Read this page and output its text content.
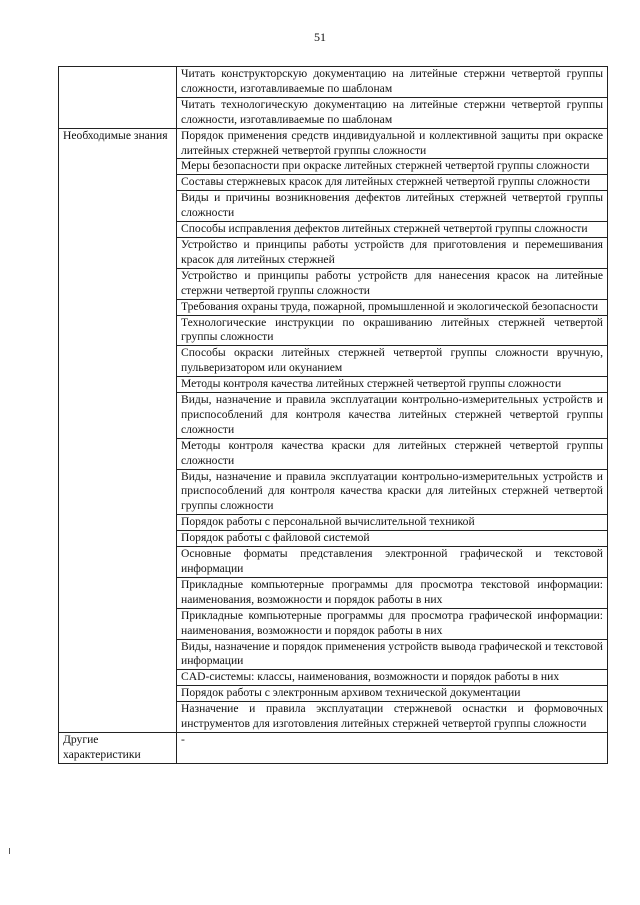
51
	Читать конструкторскую документацию на литейные стержни четвертой группы сложности, изготавливаемые по шаблонам
	Читать технологическую документацию на литейные стержни четвертой группы сложности, изготавливаемые по шаблонам
Необходимые знания	Порядок применения средств индивидуальной и коллективной защиты при окраске литейных стержней четвертой группы сложности
	Меры безопасности при окраске литейных стержней четвертой группы сложности
	Составы стержневых красок для литейных стержней четвертой группы сложности
	Виды и причины возникновения дефектов литейных стержней четвертой группы сложности
	Способы исправления дефектов литейных стержней четвертой группы сложности
	Устройство и принципы работы устройств для приготовления и перемешивания красок для литейных стержней
	Устройство и принципы работы устройств для нанесения красок на литейные стержни четвертой группы сложности
	Требования охраны труда, пожарной, промышленной и экологической безопасности
	Технологические инструкции по окрашиванию литейных стержней четвертой группы сложности
	Способы окраски литейных стержней четвертой группы сложности вручную, пульверизатором или окунанием
	Методы контроля качества литейных стержней четвертой группы сложности
	Виды, назначение и правила эксплуатации контрольно-измерительных устройств и приспособлений для контроля качества литейных стержней четвертой группы сложности
	Методы контроля качества краски для литейных стержней четвертой группы сложности
	Виды, назначение и правила эксплуатации контрольно-измерительных устройств и приспособлений для контроля качества краски для литейных стержней четвертой группы сложности
	Порядок работы с персональной вычислительной техникой
	Порядок работы с файловой системой
	Основные форматы представления электронной графической и текстовой информации
	Прикладные компьютерные программы для просмотра текстовой информации: наименования, возможности и порядок работы в них
	Прикладные компьютерные программы для просмотра графической информации: наименования, возможности и порядок работы в них
	Виды, назначение и порядок применения устройств вывода графической и текстовой информации
	CAD-системы: классы, наименования, возможности и порядок работы в них
	Порядок работы с электронным архивом технической документации
	Назначение и правила эксплуатации стержневой оснастки и формовочных инструментов для изготовления литейных стержней четвертой группы сложности
Другие характеристики	-
